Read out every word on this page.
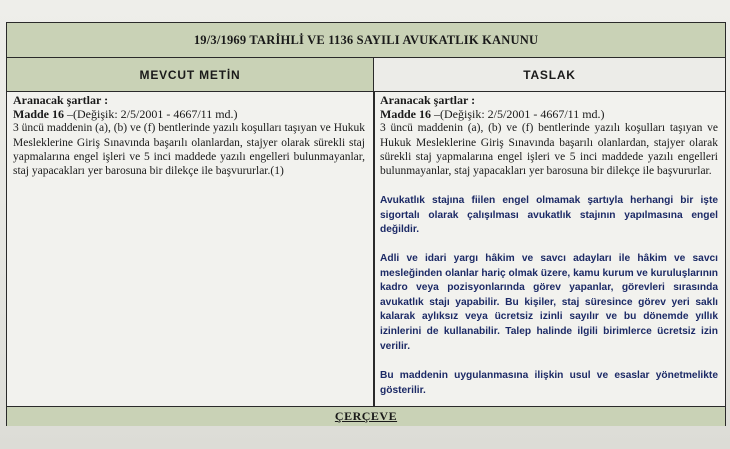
19/3/1969 TARİHLİ VE 1136 SAYILI AVUKATLIK KANUNU
MEVCUT METİN	TASLAK
Aranacak şartlar :
Madde 16 –(Değişik: 2/5/2001 - 4667/11 md.)

3 üncü maddenin (a), (b) ve (f) bentlerinde yazılı koşulları taşıyan ve Hukuk Mesleklerine Giriş Sınavında başarılı olanlardan, stajyer olarak sürekli staj yapmalarına engel işleri ve 5 inci maddede yazılı engelleri bulunmayanlar, staj yapacakları yer barosuna bir dilekçe ile başvururlar.(1)

Aranacak şartlar :
Madde 16 –(Değişik: 2/5/2001 - 4667/11 md.)

3 üncü maddenin (a), (b) ve (f) bentlerinde yazılı koşulları taşıyan ve Hukuk Mesleklerine Giriş Sınavında başarılı olanlardan, stajyer olarak sürekli staj yapmalarına engel işleri ve 5 inci maddede yazılı engelleri bulunmayanlar, staj yapacakları yer barosuna bir dilekçe ile başvururlar.

Avukatlık stajına fiilen engel olmamak şartıyla herhangi bir işte sigortalı olarak çalışılması avukatlık stajının yapılmasına engel değildir.

Adli ve idari yargı hâkim ve savcı adayları ile hâkim ve savcı mesleğinden olanlar hariç olmak üzere, kamu kurum ve kuruluşlarının kadro veya pozisyonlarında görev yapanlar, görevleri sırasında avukatlık stajı yapabilir. Bu kişiler, staj süresince görev yeri saklı kalarak aylıksız veya ücretsiz izinli sayılır ve bu dönemde yıllık izinlerini de kullanabilir. Talep halinde ilgili birimlerce ücretsiz izin verilir.

Bu maddenin uygulanmasına ilişkin usul ve esaslar yönetmelikte gösterilir.

ÇERÇEVE
